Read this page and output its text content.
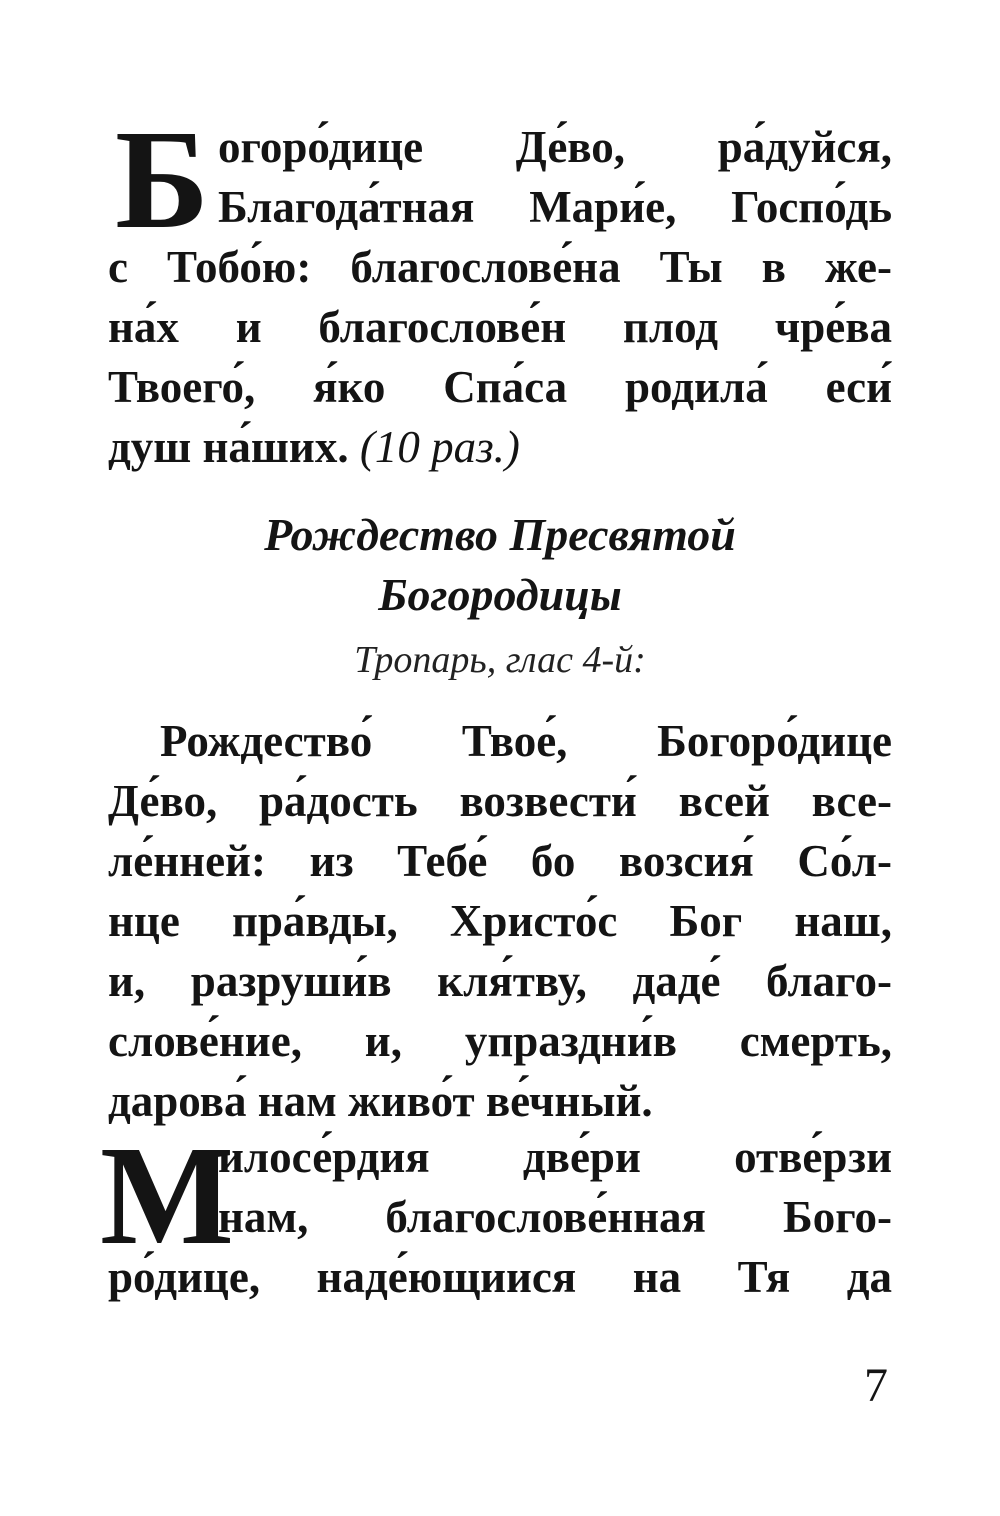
Б огоро́дице Де́во, ра́дуйся,
Благода́тная Мари́е, Госпо́дь
с Тобо́ю: благослове́на Ты в же-
на́х и благослове́н плод чре́ва
Твоего́, я́ко Спа́са родила́ еси́
душ на́ших. (10 раз.)
Рождество Пресвятой
Богородицы
Тропарь, глас 4-й:
Рождество́ Твое́, Богоро́дице
Де́во, ра́дость возвести́ всей все-
ле́нней: из Тебе́ бо возсия́ Со́л-
нце пра́вды, Христо́с Бог наш,
и, разруши́в кля́тву, даде́ благо-
слове́ние, и, упраздни́в смерть,
дарова́ нам живо́т ве́чный.
М
илосе́рдия две́ри отве́рзи
нам, благослове́нная Бого-
ро́дице, наде́ющиися на Тя да
7
